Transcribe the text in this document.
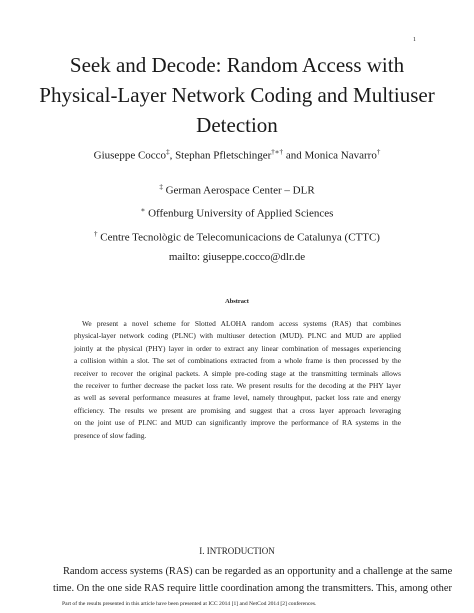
1
Seek and Decode: Random Access with
Physical-Layer Network Coding and Multiuser
Detection
Giuseppe Cocco‡, Stephan Pfletschinger†∗† and Monica Navarro†
‡ German Aerospace Center – DLR
∗ Offenburg University of Applied Sciences
† Centre Tecnològic de Telecomunicacions de Catalunya (CTTC)
mailto: giuseppe.cocco@dlr.de
Abstract
We present a novel scheme for Slotted ALOHA random access systems (RAS) that combines
physical-layer network coding (PLNC) with multiuser detection (MUD). PLNC and MUD are applied
jointly at the physical (PHY) layer in order to extract any linear combination of messages experiencing
a collision within a slot. The set of combinations extracted from a whole frame is then processed by the
receiver to recover the original packets. A simple pre-coding stage at the transmitting terminals allows
the receiver to further decrease the packet loss rate. We present results for the decoding at the PHY layer
as well as several performance measures at frame level, namely throughput, packet loss rate and energy
efficiency. The results we present are promising and suggest that a cross layer approach leveraging
on the joint use of PLNC and MUD can significantly improve the performance of RA systems in the
presence of slow fading.
I. INTRODUCTION
Random access systems (RAS) can be regarded as an opportunity and a challenge at the same
time. On the one side RAS require little coordination among the transmitters. This, among other
Part of the results presented in this article have been presented at ICC 2014 [1] and NetCod 2014 [2] conferences.
